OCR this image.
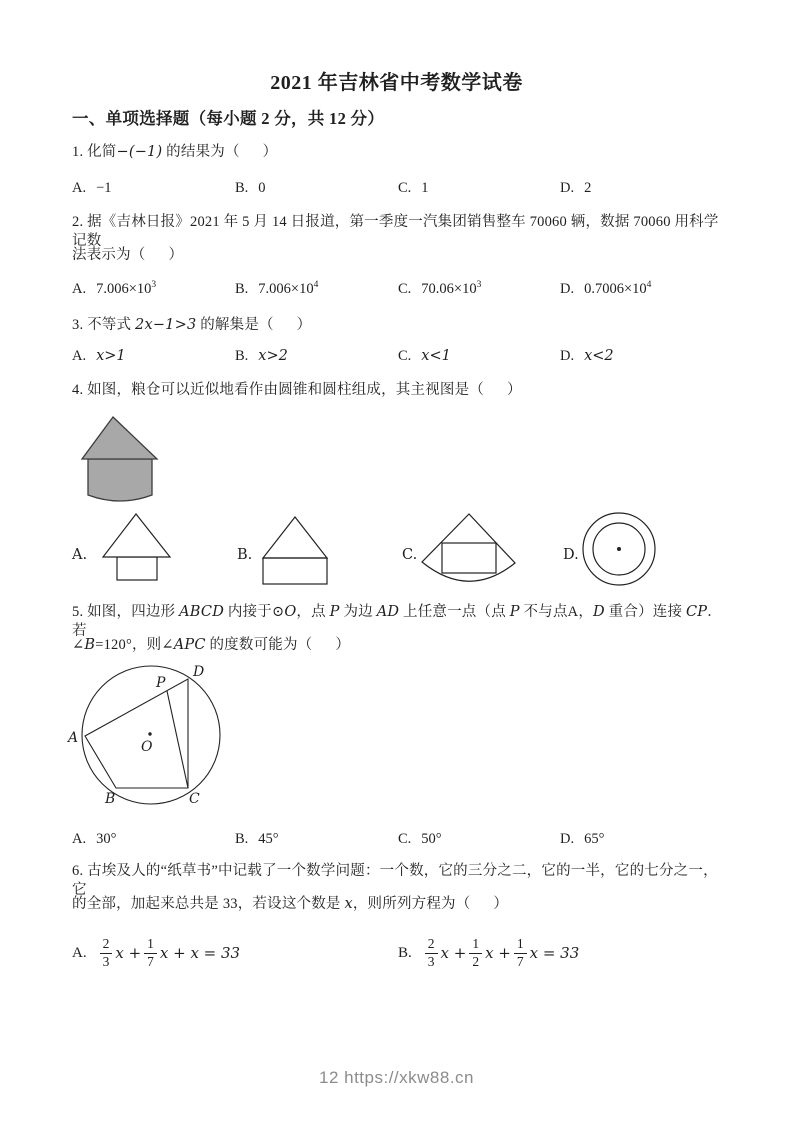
2021 年吉林省中考数学试卷
一、单项选择题（每小题 2 分，共 12 分）
1. 化简−(−1) 的结果为（      ）
A. −1	B. 0	C. 1	D. 2
2. 据《吉林日报》2021 年 5 月 14 日报道，第一季度一汽集团销售整车 70060 辆，数据 70060 用科学记数
法表示为（      ）
A. $7.006\times 10^3$	B. $7.006\times 10^4$	C. $70.06\times 10^3$	D. $0.7006\times 10^4$
3. 不等式 2x−1>3 的解集是（      ）
A. x>1	B. x>2	C. x<1	D. x<2
4. 如图，粮仓可以近似地看作由圆锥和圆柱组成，其主视图是（      ）
A.	B.	C.	D.
5. 如图，四边形 ABCD 内接于⊙O，点 P 为边 AD 上任意一点（点 P 不与点A，D 重合）连接 CP．若
∠B=120°，则∠APC 的度数可能为（      ）
A
B	C
D
P
O
A. 30°	B. 45°	C. 50°	D. 65°
6. 古埃及人的“纸草书”中记载了一个数学问题：一个数，它的三分之二，它的一半，它的七分之一，它
的全部，加起来总共是 33，若设这个数是 x，则所列方程为（      ）
A. $\frac{2}{3}$ $x + \frac{1}{7}$ x + x = 33	B. $\frac{2}{3}$ $x + \frac{1}{2}$ $x + \frac{1}{7}$ x = 33
12 https://xkw88.cn
